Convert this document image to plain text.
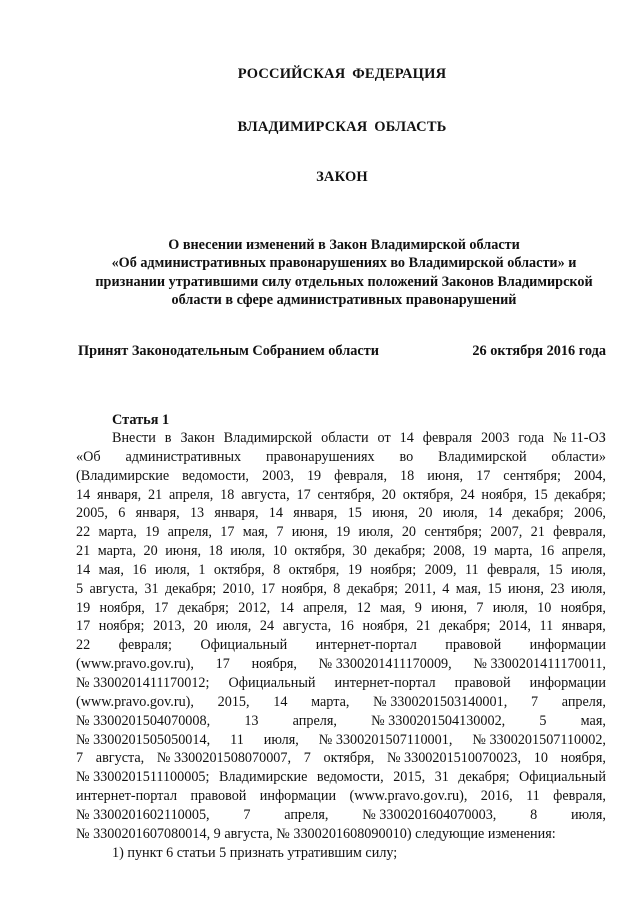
РОССИЙСКАЯ ФЕДЕРАЦИЯ
ВЛАДИМИРСКАЯ ОБЛАСТЬ
ЗАКОН
О внесении изменений в Закон Владимирской области
«Об административных правонарушениях во Владимирской области» и
признании утратившими силу отдельных положений Законов Владимирской
области в сфере административных правонарушений
Принят Законодательным Собранием области	26 октября 2016 года
Статья 1
Внести в Закон Владимирской области от 14 февраля 2003 года № 11-ОЗ
«Об административных правонарушениях во Владимирской области»
(Владимирские ведомости, 2003, 19 февраля, 18 июня, 17 сентября; 2004,
14 января, 21 апреля, 18 августа, 17 сентября, 20 октября, 24 ноября, 15 декабря;
2005, 6 января, 13 января, 14 января, 15 июня, 20 июля, 14 декабря; 2006,
22 марта, 19 апреля, 17 мая, 7 июня, 19 июля, 20 сентября; 2007, 21 февраля,
21 марта, 20 июня, 18 июля, 10 октября, 30 декабря; 2008, 19 марта, 16 апреля,
14 мая, 16 июля, 1 октября, 8 октября, 19 ноября; 2009, 11 февраля, 15 июля,
5 августа, 31 декабря; 2010, 17 ноября, 8 декабря; 2011, 4 мая, 15 июня, 23 июля,
19 ноября, 17 декабря; 2012, 14 апреля, 12 мая, 9 июня, 7 июля, 10 ноября,
17 ноября; 2013, 20 июля, 24 августа, 16 ноября, 21 декабря; 2014, 11 января,
22 февраля; Официальный интернет-портал правовой информации
(www.pravo.gov.ru), 17 ноября, № 3300201411170009, № 3300201411170011,
№ 3300201411170012; Официальный интернет-портал правовой информации
(www.pravo.gov.ru), 2015, 14 марта, № 3300201503140001, 7 апреля,
№ 3300201504070008, 13 апреля, № 3300201504130002, 5 мая,
№ 3300201505050014, 11 июля, № 3300201507110001, № 3300201507110002,
7 августа, № 3300201508070007, 7 октября, № 3300201510070023, 10 ноября,
№ 3300201511100005; Владимирские ведомости, 2015, 31 декабря; Официальный
интернет-портал правовой информации (www.pravo.gov.ru), 2016, 11 февраля,
№ 3300201602110005, 7 апреля, № 3300201604070003, 8 июля,
№ 3300201607080014, 9 августа, № 3300201608090010) следующие изменения:
1) пункт 6 статьи 5 признать утратившим силу;
